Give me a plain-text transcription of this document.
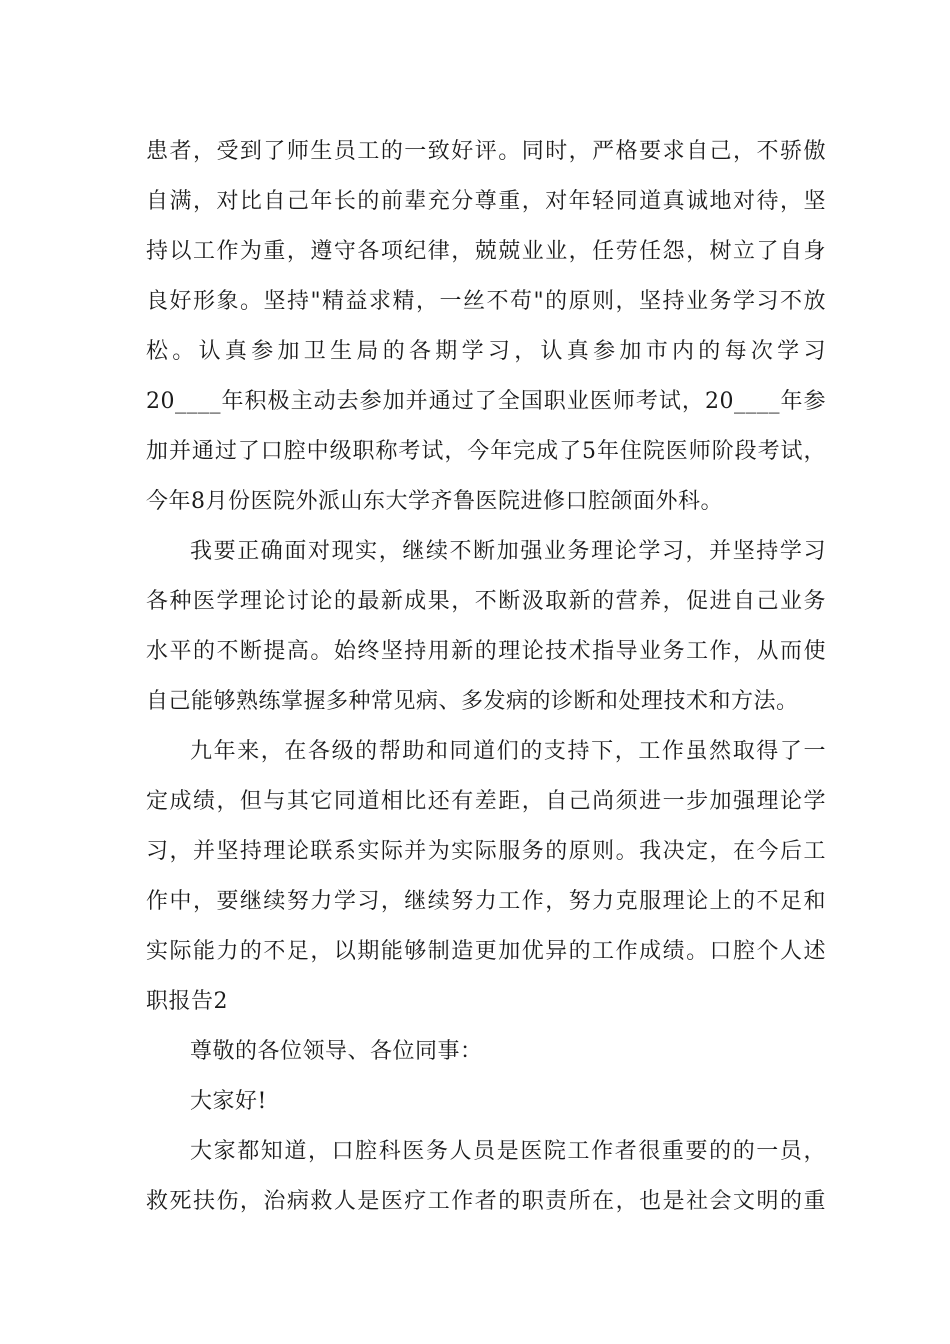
患者，受到了师生员工的一致好评。同时，严格要求自己，不骄傲
自满，对比自己年长的前辈充分尊重，对年轻同道真诚地对待，坚
持以工作为重，遵守各项纪律，兢兢业业，任劳任怨，树立了自身
良好形象。坚持"精益求精，一丝不苟"的原则，坚持业务学习不放
松。认真参加卫生局的各期学习，认真参加市内的每次学习
20____年积极主动去参加并通过了全国职业医师考试，20____年参
加并通过了口腔中级职称考试，今年完成了5年住院医师阶段考试，
今年8月份医院外派山东大学齐鲁医院进修口腔颌面外科。
我要正确面对现实，继续不断加强业务理论学习，并坚持学习
各种医学理论讨论的最新成果，不断汲取新的营养，促进自己业务
水平的不断提高。始终坚持用新的理论技术指导业务工作，从而使
自己能够熟练掌握多种常见病、多发病的诊断和处理技术和方法。
九年来，在各级的帮助和同道们的支持下，工作虽然取得了一
定成绩，但与其它同道相比还有差距，自己尚须进一步加强理论学
习，并坚持理论联系实际并为实际服务的原则。我决定，在今后工
作中，要继续努力学习，继续努力工作，努力克服理论上的不足和
实际能力的不足，以期能够制造更加优异的工作成绩。口腔个人述
职报告2
尊敬的各位领导、各位同事：
大家好!
大家都知道，口腔科医务人员是医院工作者很重要的的一员，
救死扶伤，治病救人是医疗工作者的职责所在，也是社会文明的重
